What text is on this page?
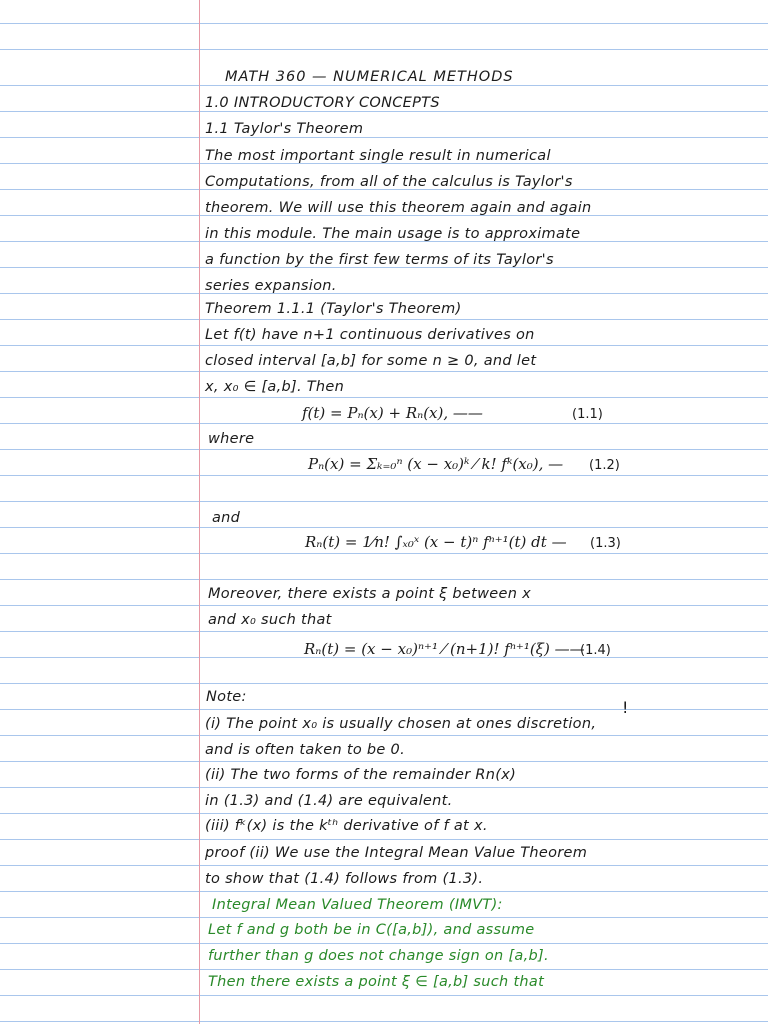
MATH 360 — NUMERICAL METHODS
1.0 INTRODUCTORY CONCEPTS
1.1 Taylor's Theorem
The most important single result in numerical
Computations, from all of the calculus is Taylor's
theorem. We will use this theorem again and again
in this module. The main usage is to approximate
a function by the first few terms of its Taylor's
series expansion.
Theorem 1.1.1 (Taylor's Theorem)
Let f(t) have n+1 continuous derivatives on
closed interval [a,b] for some n ≥ 0, and let
x, x₀ ∈ [a,b]. Then
f(t) = Pₙ(x) + Rₙ(x), ——	(1.1)
where
Pₙ(x) = Σₖ₌₀ⁿ (x − x₀)ᵏ ⁄ k! fᵏ(x₀), — (1.2)
and
Rₙ(t) = 1⁄n! ∫ₓ₀ˣ (x − t)ⁿ fⁿ⁺¹(t) dt — (1.3)
Moreover, there exists a point ξ between x
and x₀ such that
Rₙ(t) = (x − x₀)ⁿ⁺¹ ⁄ (n+1)! fⁿ⁺¹(ξ) ——
(1.4)
Note:
!
(i) The point x₀ is usually chosen at ones discretion,
and is often taken to be 0.
(ii) The two forms of the remainder Rn(x)
in (1.3) and (1.4) are equivalent.
(iii) fᵏ(x) is the kᵗʰ derivative of f at x.
proof (ii) We use the Integral Mean Value Theorem
to show that (1.4) follows from (1.3).
Integral Mean Valued Theorem (IMVT):
Let f and g both be in C([a,b]), and assume
further than g does not change sign on [a,b].
Then there exists a point ξ ∈ [a,b] such that
